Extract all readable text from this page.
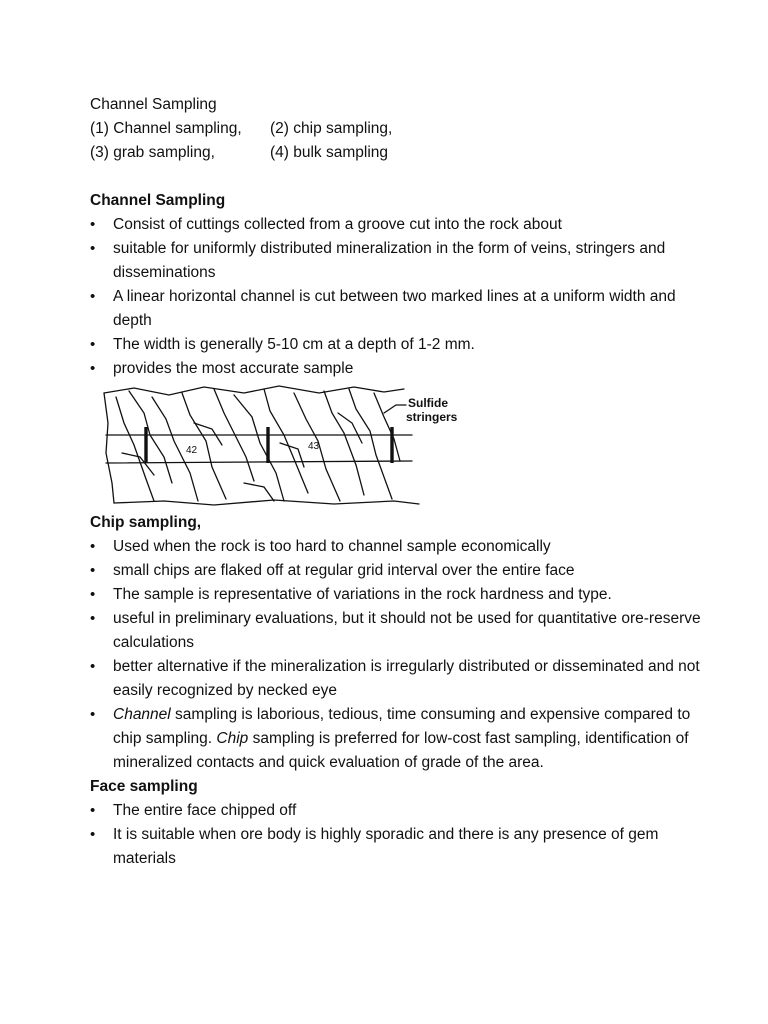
Channel Sampling
(1) Channel sampling, (2) chip sampling,
(3) grab sampling,	(4) bulk sampling
Channel Sampling
• Consist of cuttings collected from a groove cut into the rock about
• suitable for uniformly distributed mineralization in the form of veins, stringers and disseminations
• A linear horizontal channel is cut between two marked lines at a uniform width and depth
• The width is generally 5-10 cm at a depth of 1-2 mm.
• provides the most accurate sample
42	43
Sulfide
stringers
Chip sampling,
• Used when the rock is too hard to channel sample economically
• small chips are flaked off at regular grid interval over the entire face
• The sample is representative of variations in the rock hardness and type.
• useful in preliminary evaluations, but it should not be used for quantitative ore-reserve calculations
• better alternative if the mineralization is irregularly distributed or disseminated and not easily recognized by necked eye
• Channel sampling is laborious, tedious, time consuming and expensive compared to chip sampling. Chip sampling is preferred for low-cost fast sampling, identification of mineralized contacts and quick evaluation of grade of the area.
Face sampling
• The entire face chipped off
• It is suitable when ore body is highly sporadic and there is any presence of gem materials
